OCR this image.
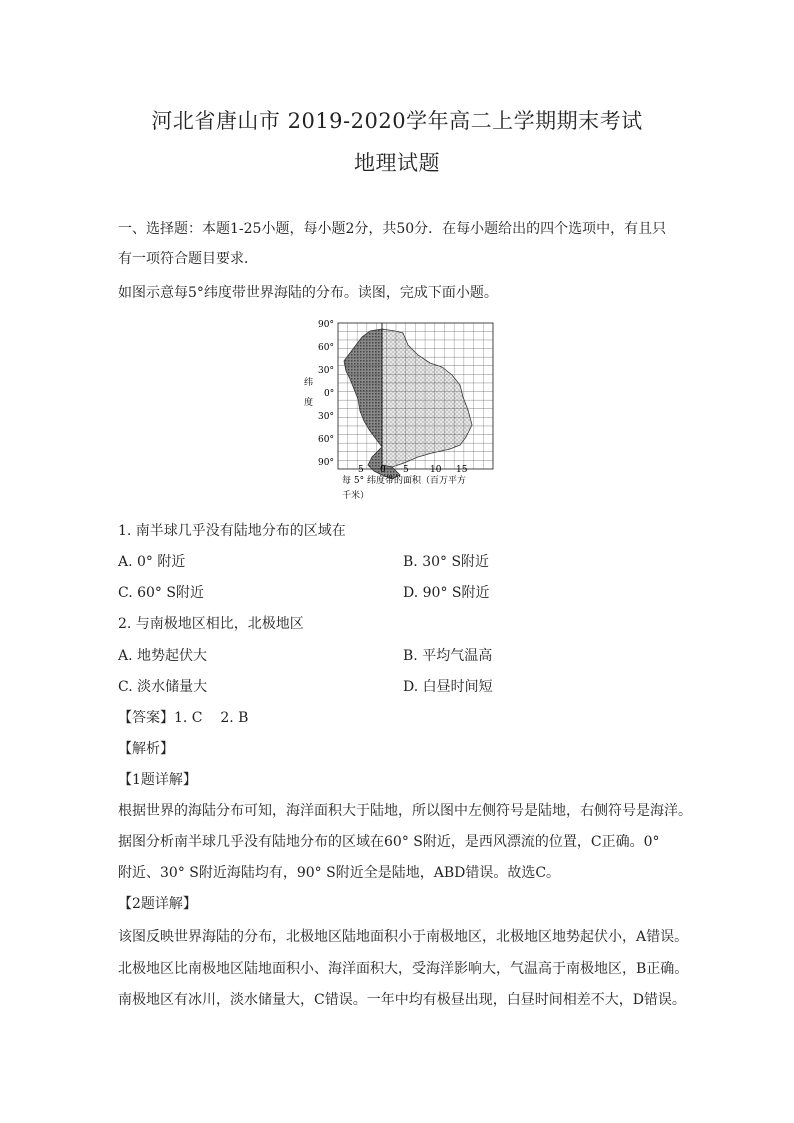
河北省唐山市 2019-2020学年高二上学期期末考试
地理试题
一、选择题：本题1-25小题，每小题2分，共50分．在每小题给出的四个选项中，有且只
有一项符合题目要求．
如图示意每5°纬度带世界海陆的分布。读图，完成下面小题。
90°
60°
30°
0°
30°
60°
90°
纬
度
5 0 5 10 15
每 5° 纬度带的面积（百万平方
千米）
1. 南半球几乎没有陆地分布的区域在
A. 0° 附近	B. 30° S附近
C. 60° S附近	D. 90° S附近
2. 与南极地区相比，北极地区
A. 地势起伏大	B. 平均气温高
C. 淡水储量大	D. 白昼时间短
【答案】1. C    2. B
【解析】
【1题详解】
根据世界的海陆分布可知，海洋面积大于陆地，所以图中左侧符号是陆地，右侧符号是海洋。
据图分析南半球几乎没有陆地分布的区域在60° S附近，是西风漂流的位置，C正确。0°
附近、30° S附近海陆均有，90° S附近全是陆地，ABD错误。故选C。
【2题详解】
该图反映世界海陆的分布，北极地区陆地面积小于南极地区，北极地区地势起伏小，A错误。
北极地区比南极地区陆地面积小、海洋面积大，受海洋影响大，气温高于南极地区，B正确。
南极地区有冰川，淡水储量大，C错误。一年中均有极昼出现，白昼时间相差不大，D错误。
